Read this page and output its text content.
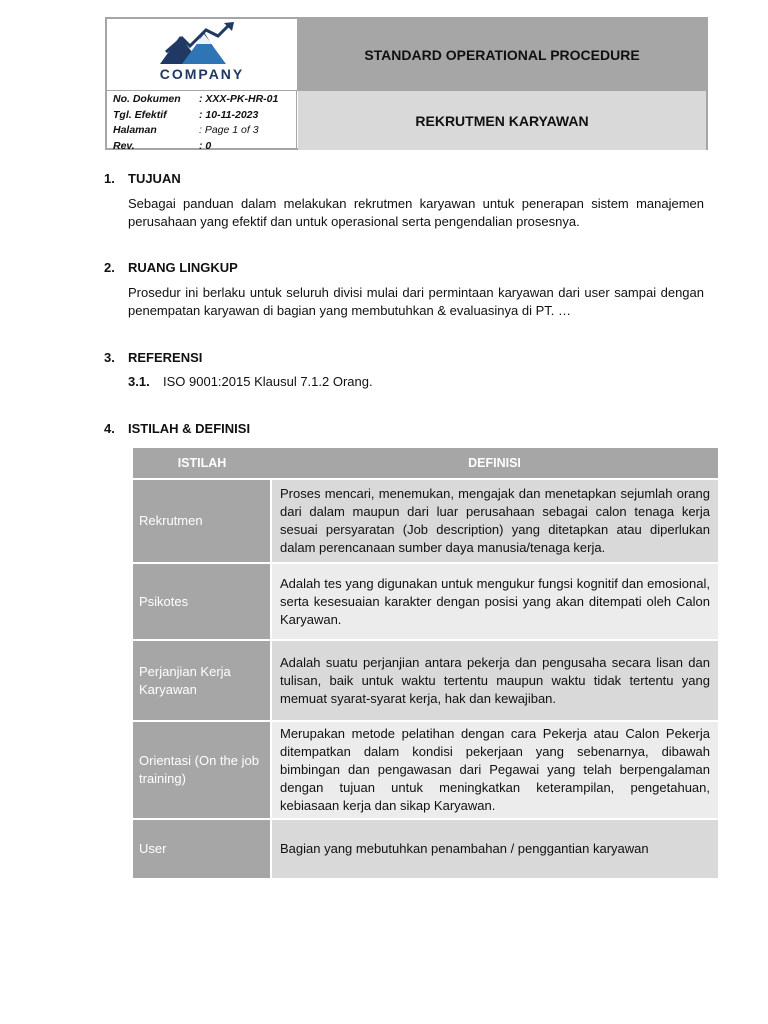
COMPANY
STANDARD OPERATIONAL PROCEDURE
No. Dokumen	: XXX-PK-HR-01
Tgl. Efektif	: 10-11-2023
Halaman	: Page 1 of 3
Rev.	: 0
REKRUTMEN KARYAWAN
1.	TUJUAN
Sebagai panduan dalam melakukan rekrutmen karyawan untuk penerapan sistem manajemen perusahaan yang efektif dan untuk operasional serta pengendalian prosesnya.
2.	RUANG LINGKUP
Prosedur ini berlaku untuk seluruh divisi mulai dari permintaan karyawan dari user sampai dengan penempatan karyawan di bagian yang membutuhkan & evaluasinya di PT. …
3.	REFERENSI
3.1.	ISO 9001:2015 Klausul 7.1.2 Orang.
4.	ISTILAH & DEFINISI
ISTILAH	DEFINISI
Rekrutmen	Proses mencari, menemukan, mengajak dan menetapkan sejumlah orang dari dalam maupun dari luar perusahaan sebagai calon tenaga kerja sesuai persyaratan (Job description) yang ditetapkan atau diperlukan dalam perencanaan sumber daya manusia/tenaga kerja.
Psikotes	Adalah tes yang digunakan untuk mengukur fungsi kognitif dan emosional, serta kesesuaian karakter dengan posisi yang akan ditempati oleh Calon Karyawan.
Perjanjian Kerja Karyawan	Adalah suatu perjanjian antara pekerja dan pengusaha secara lisan dan tulisan, baik untuk waktu tertentu maupun waktu tidak tertentu yang memuat syarat-syarat kerja, hak dan kewajiban.
Orientasi (On the job training)	Merupakan metode pelatihan dengan cara Pekerja atau Calon Pekerja ditempatkan dalam kondisi pekerjaan yang sebenarnya, dibawah bimbingan dan pengawasan dari Pegawai yang telah berpengalaman dengan tujuan untuk meningkatkan keterampilan, pengetahuan, kebiasaan kerja dan sikap Karyawan.
User	Bagian yang mebutuhkan penambahan / penggantian karyawan
